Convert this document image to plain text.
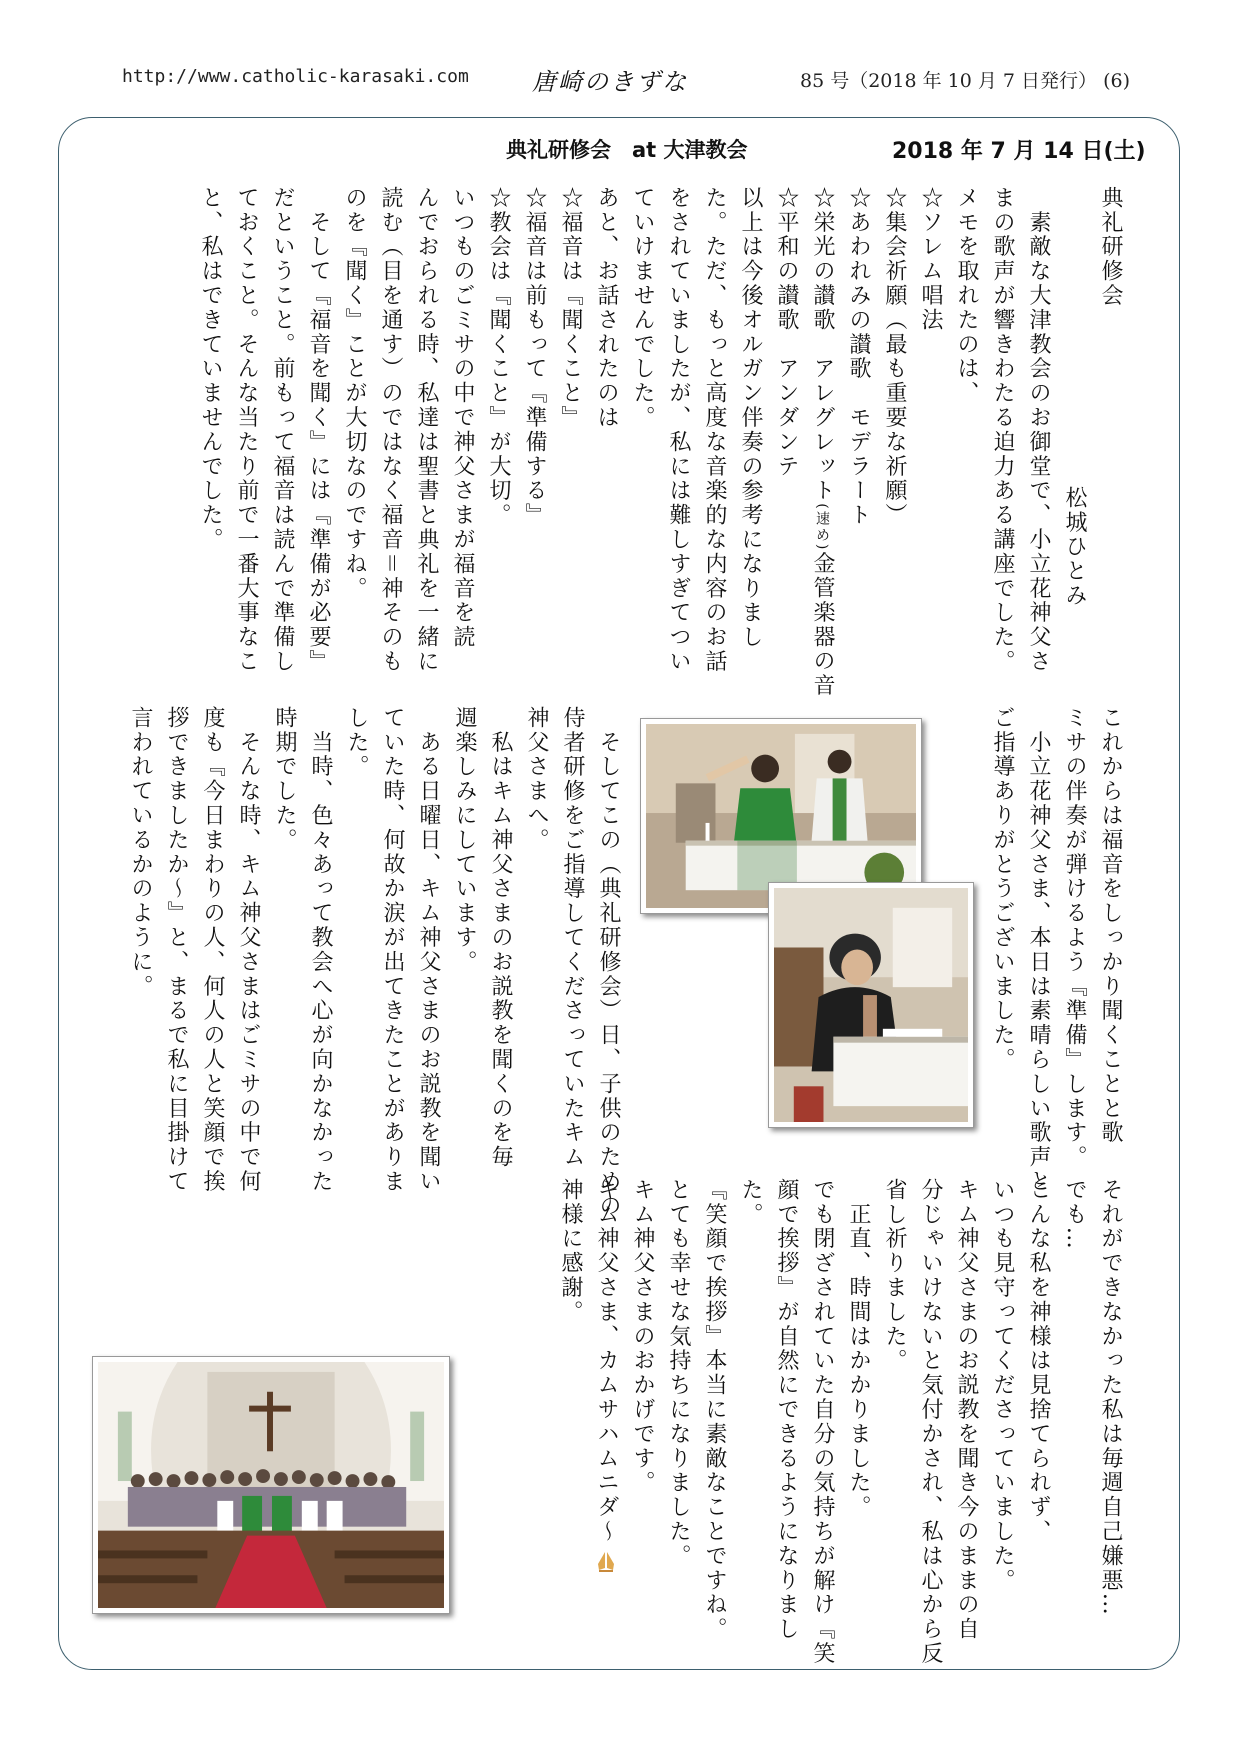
http://www.catholic-karasaki.com	唐崎のきずな	85 号（2018 年 10 月 7 日発行） (6)
典礼研修会　at 大津教会	2018 年 7 月 14 日(土)
典礼研修会
松城ひとみ
　素敵な大津教会のお御堂で、小立花神父さ
まの歌声が響きわたる迫力ある講座でした。
メモを取れたのは、
☆ソレム唱法
☆集会祈願（最も重要な祈願）
☆あわれみの讃歌　モデラート
☆栄光の讃歌　アレグレット(速め)金管楽器の音
☆平和の讃歌　アンダンテ
以上は今後オルガン伴奏の参考になりまし
た。ただ、もっと高度な音楽的な内容のお話
をされていましたが、私には難しすぎてつい
ていけませんでした。
あと、お話されたのは
☆福音は『聞くこと』
☆福音は前もって『準備する』
☆教会は『聞くこと』が大切。
いつものごミサの中で神父さまが福音を読
んでおられる時、私達は聖書と典礼を一緒に
読む（目を通す）のではなく福音＝神そのも
のを『聞く』ことが大切なのですね。
　そして『福音を聞く』には『準備が必要』
だということ。前もって福音は読んで準備し
ておくこと。そんな当たり前で一番大事なこ
と、私はできていませんでした。
これからは福音をしっかり聞くことと歌
ミサの伴奏が弾けるよう『準備』します。
　小立花神父さま、本日は素晴らしい歌声と
ご指導ありがとうございました。
　そしてこの（典礼研修会）日、子供のための
侍者研修をご指導してくださっていたキム
神父さまへ。
　私はキム神父さまのお説教を聞くのを毎
週楽しみにしています。
　ある日曜日、キム神父さまのお説教を聞い
ていた時、何故か涙が出てきたことがありま
した。
　当時、色々あって教会へ心が向かなかった
時期でした。
　そんな時、キム神父さまはごミサの中で何
度も『今日まわりの人、何人の人と笑顔で挨
拶できましたか〜』と、まるで私に目掛けて
言われているかのように。
それができなかった私は毎週自己嫌悪…
でも…
こんな私を神様は見捨てられず、
いつも見守ってくださっていました。
キム神父さまのお説教を聞き今のままの自
分じゃいけないと気付かされ、私は心から反
省し祈りました。
　正直、時間はかかりました。
でも閉ざされていた自分の気持ちが解け『笑
顔で挨拶』が自然にできるようになりまし
た。
『笑顔で挨拶』本当に素敵なことですね。
とても幸せな気持ちになりました。
キム神父さまのおかげです。
キム神父さま、カムサハムニダ〜
神様に感謝。
